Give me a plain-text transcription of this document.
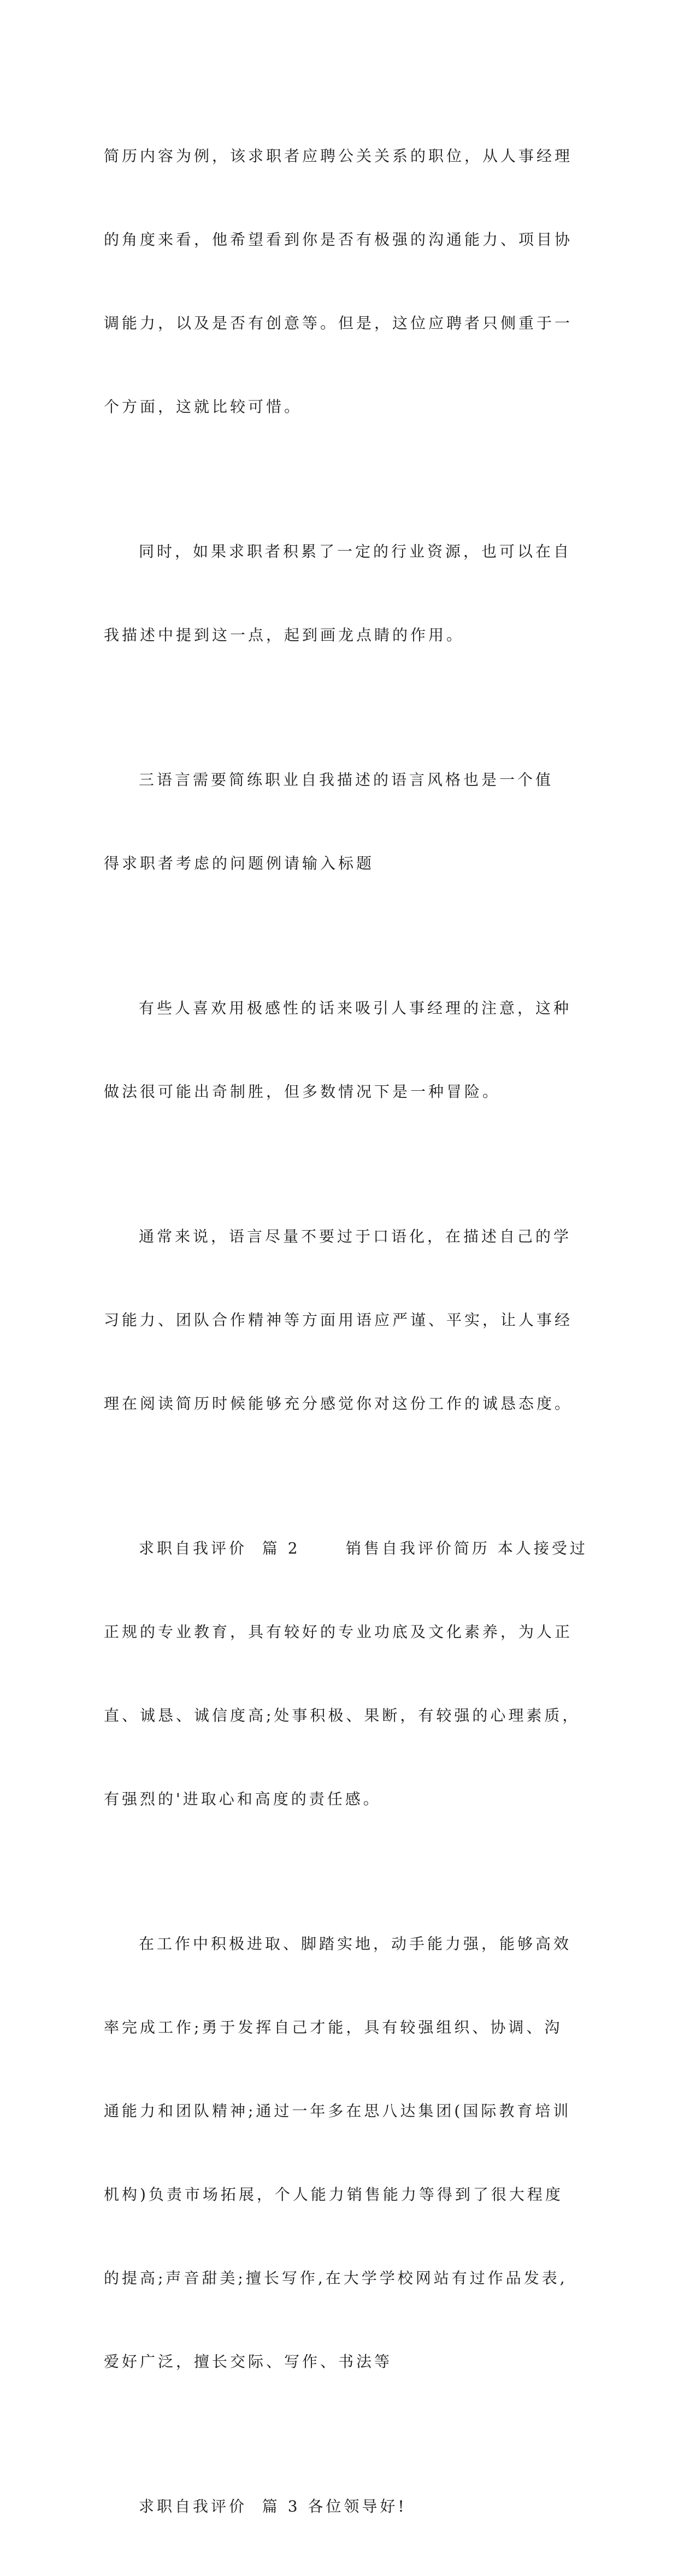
简历内容为例，该求职者应聘公关关系的职位，从人事经理

的角度来看，他希望看到你是否有极强的沟通能力、项目协

调能力，以及是否有创意等。但是，这位应聘者只侧重于一

个方面，这就比较可惜。

同时，如果求职者积累了一定的行业资源，也可以在自

我描述中提到这一点，起到画龙点睛的作用。

三语言需要简练职业自我描述的语言风格也是一个值

得求职者考虑的问题例请输入标题

有些人喜欢用极感性的话来吸引人事经理的注意，这种

做法很可能出奇制胜，但多数情况下是一种冒险。

通常来说，语言尽量不要过于口语化，在描述自己的学

习能力、团队合作精神等方面用语应严谨、平实，让人事经

理在阅读简历时候能够充分感觉你对这份工作的诚恳态度。

求职自我评价  篇 2      销售自我评价简历 本人接受过

正规的专业教育，具有较好的专业功底及文化素养，为人正

直、诚恳、诚信度高;处事积极、果断，有较强的心理素质，

有强烈的'进取心和高度的责任感。

在工作中积极进取、脚踏实地，动手能力强，能够高效

率完成工作;勇于发挥自己才能，具有较强组织、协调、沟

通能力和团队精神;通过一年多在思八达集团(国际教育培训

机构)负责市场拓展，个人能力销售能力等得到了很大程度

的提高;声音甜美;擅长写作,在大学学校网站有过作品发表,

爱好广泛，擅长交际、写作、书法等

求职自我评价  篇 3 各位领导好!
